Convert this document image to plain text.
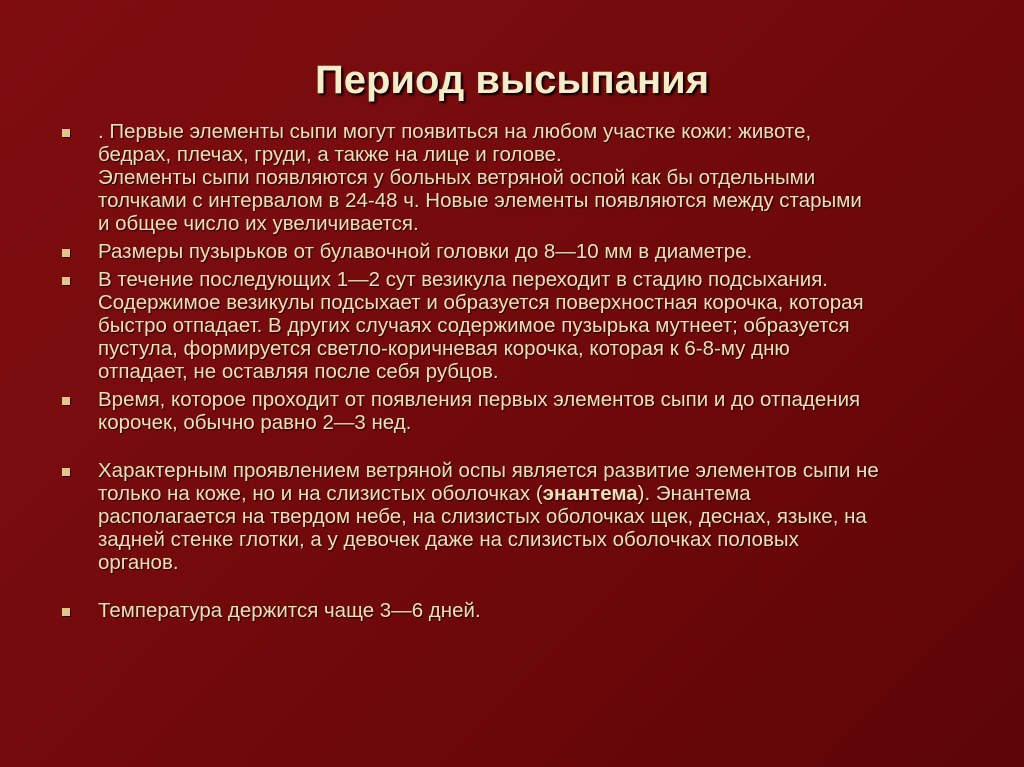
Период высыпания
. Первые элементы сыпи могут появиться на любом участке кожи: животе,
бедрах, плечах, груди, а также на лице и голове.
Элементы сыпи появляются у больных ветряной оспой как бы отдельными
толчками с интервалом в 24-48 ч. Новые элементы появляются между старыми
и общее число их увеличивается.
Размеры пузырьков от булавочной головки до 8—10 мм в диаметре.
В течение последующих 1—2 сут везикула переходит в стадию подсыхания.
Содержимое везикулы подсыхает и образуется поверхностная корочка, которая
быстро отпадает. В других случаях содержимое пузырька мутнеет; образуется
пустула, формируется светло-коричневая корочка, которая к 6-8-му дню
отпадает, не оставляя после себя рубцов.
Время, которое проходит от появления первых элементов сыпи и до отпадения
корочек, обычно равно 2—3 нед.
Характерным проявлением ветряной оспы является развитие элементов сыпи не
только на коже, но и на слизистых оболочках (энантема). Энантема
располагается на твердом небе, на слизистых оболочках щек, деснах, языке, на
задней стенке глотки, а у девочек даже на слизистых оболочках половых
органов.
Температура держится чаще 3—6 дней.
